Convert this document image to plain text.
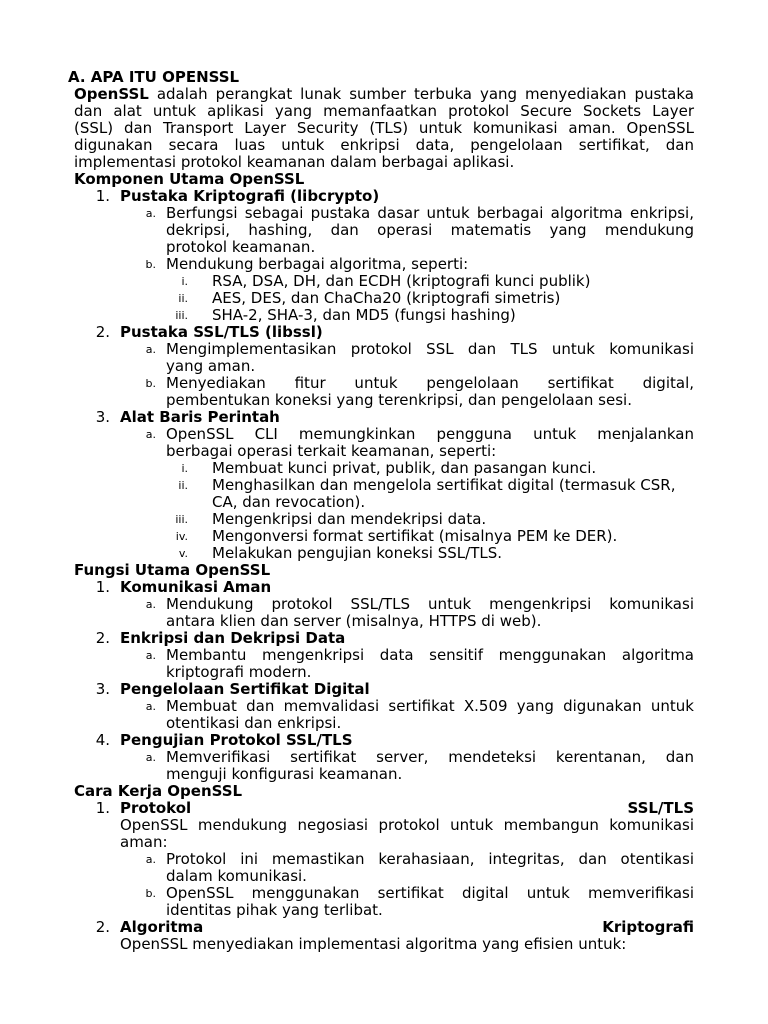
A. APA ITU OPENSSL
OpenSSL adalah perangkat lunak sumber terbuka yang menyediakan pustaka
dan alat untuk aplikasi yang memanfaatkan protokol Secure Sockets Layer
(SSL) dan Transport Layer Security (TLS) untuk komunikasi aman. OpenSSL
digunakan secara luas untuk enkripsi data, pengelolaan sertifikat, dan
implementasi protokol keamanan dalam berbagai aplikasi.
Komponen Utama OpenSSL
1. Pustaka Kriptografi (libcrypto)
a. Berfungsi sebagai pustaka dasar untuk berbagai algoritma enkripsi,
dekripsi, hashing, dan operasi matematis yang mendukung
protokol keamanan.
b. Mendukung berbagai algoritma, seperti:
i. RSA, DSA, DH, dan ECDH (kriptografi kunci publik)
ii. AES, DES, dan ChaCha20 (kriptografi simetris)
iii. SHA-2, SHA-3, dan MD5 (fungsi hashing)
2. Pustaka SSL/TLS (libssl)
a. Mengimplementasikan protokol SSL dan TLS untuk komunikasi
yang aman.
b. Menyediakan fitur untuk pengelolaan sertifikat digital,
pembentukan koneksi yang terenkripsi, dan pengelolaan sesi.
3. Alat Baris Perintah
a. OpenSSL CLI memungkinkan pengguna untuk menjalankan
berbagai operasi terkait keamanan, seperti:
i. Membuat kunci privat, publik, dan pasangan kunci.
ii. Menghasilkan dan mengelola sertifikat digital (termasuk CSR,
CA, dan revocation).
iii. Mengenkripsi dan mendekripsi data.
iv. Mengonversi format sertifikat (misalnya PEM ke DER).
v. Melakukan pengujian koneksi SSL/TLS.
Fungsi Utama OpenSSL
1. Komunikasi Aman
a. Mendukung protokol SSL/TLS untuk mengenkripsi komunikasi
antara klien dan server (misalnya, HTTPS di web).
2. Enkripsi dan Dekripsi Data
a. Membantu mengenkripsi data sensitif menggunakan algoritma
kriptografi modern.
3. Pengelolaan Sertifikat Digital
a. Membuat dan memvalidasi sertifikat X.509 yang digunakan untuk
otentikasi dan enkripsi.
4. Pengujian Protokol SSL/TLS
a. Memverifikasi sertifikat server, mendeteksi kerentanan, dan
menguji konfigurasi keamanan.
Cara Kerja OpenSSL
1. Protokol	SSL/TLS
OpenSSL mendukung negosiasi protokol untuk membangun komunikasi
aman:
a. Protokol ini memastikan kerahasiaan, integritas, dan otentikasi
dalam komunikasi.
b. OpenSSL menggunakan sertifikat digital untuk memverifikasi
identitas pihak yang terlibat.
2. Algoritma	Kriptografi
OpenSSL menyediakan implementasi algoritma yang efisien untuk:
